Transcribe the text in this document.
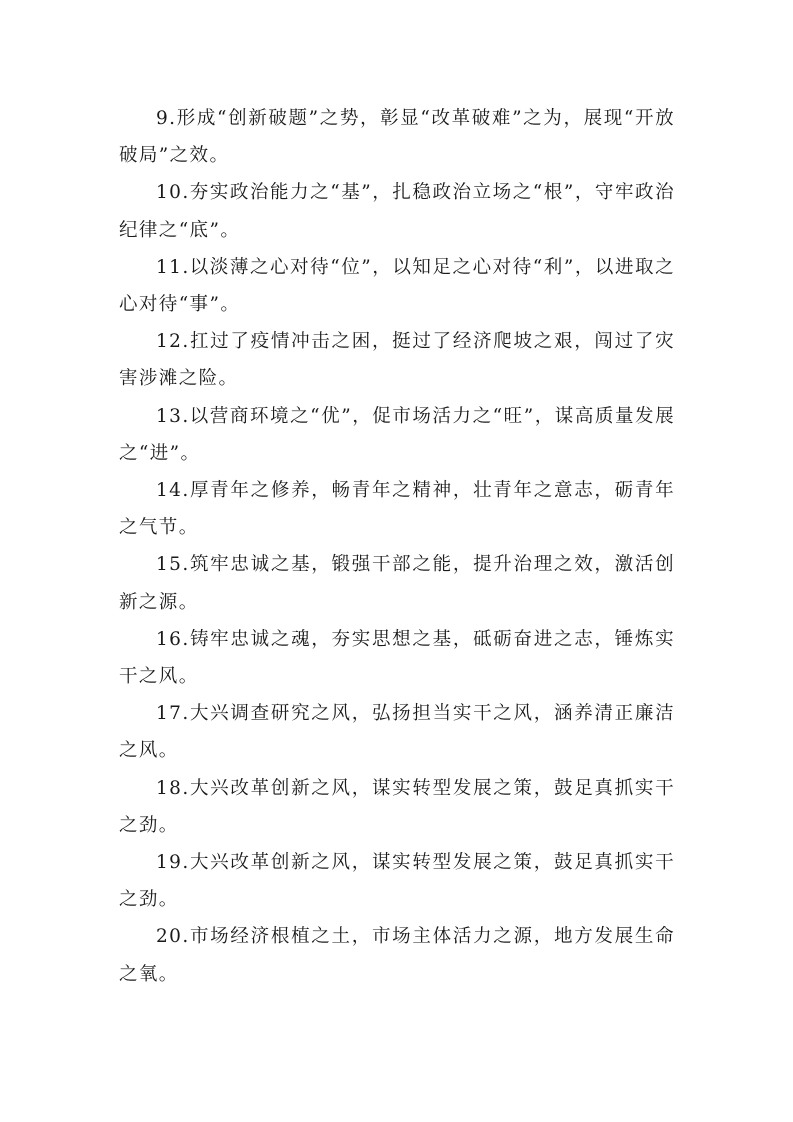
9.形成“创新破题”之势，彰显“改革破难”之为，展现“开放破局”之效。

10.夯实政治能力之“基”，扎稳政治立场之“根”，守牢政治纪律之“底”。

11.以淡薄之心对待“位”，以知足之心对待“利”，以进取之心对待“事”。

12.扛过了疫情冲击之困，挺过了经济爬坡之艰，闯过了灾害涉滩之险。

13.以营商环境之“优”，促市场活力之“旺”，谋高质量发展之“进”。

14.厚青年之修养，畅青年之精神，壮青年之意志，砺青年之气节。

15.筑牢忠诚之基，锻强干部之能，提升治理之效，激活创新之源。

16.铸牢忠诚之魂，夯实思想之基，砥砺奋进之志，锤炼实干之风。

17.大兴调查研究之风，弘扬担当实干之风，涵养清正廉洁之风。

18.大兴改革创新之风，谋实转型发展之策，鼓足真抓实干之劲。

19.大兴改革创新之风，谋实转型发展之策，鼓足真抓实干之劲。

20.市场经济根植之土，市场主体活力之源，地方发展生命之氧。
